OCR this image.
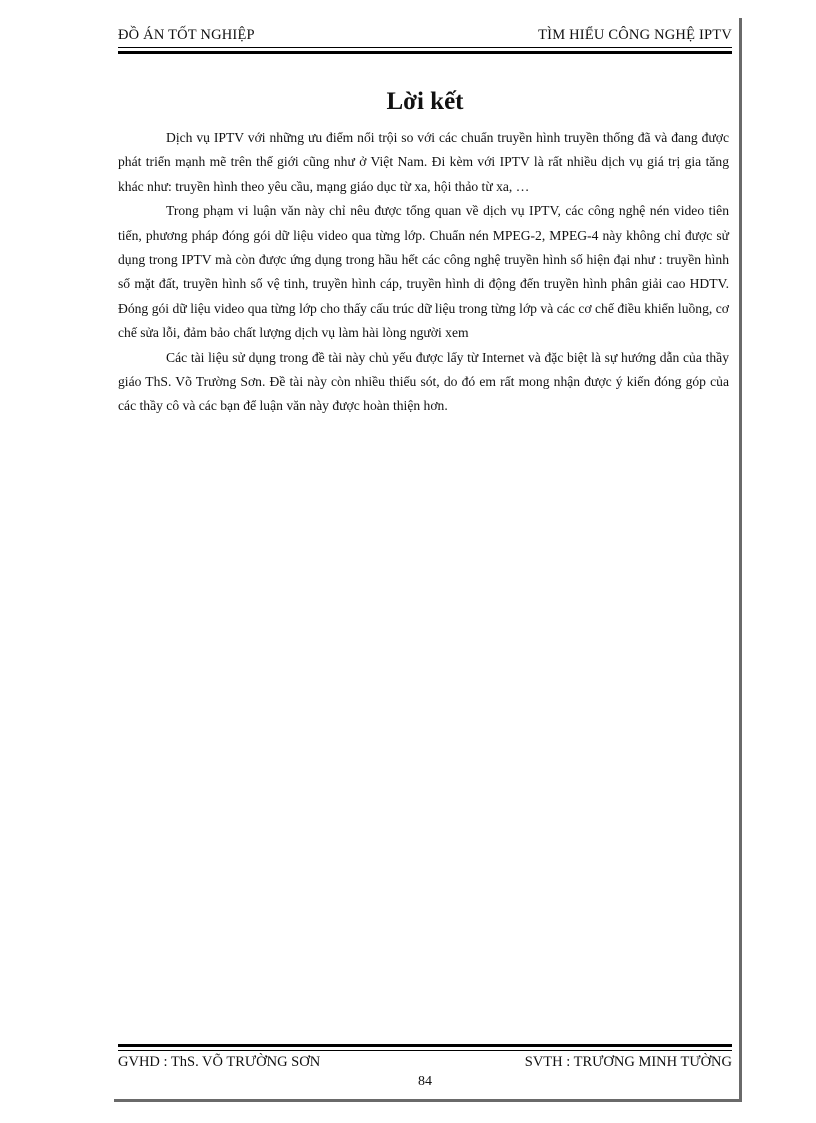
ĐỒ ÁN TỐT NGHIỆP	TÌM HIỂU CÔNG NGHỆ IPTV
Lời kết

Dịch vụ IPTV với những ưu điểm nổi trội so với các chuẩn truyền hình truyền thống đã và đang được phát triển mạnh mẽ trên thế giới cũng như ở Việt Nam. Đi kèm với IPTV là rất nhiều dịch vụ giá trị gia tăng khác như: truyền hình theo yêu cầu, mạng giáo dục từ xa, hội thảo từ xa, …

Trong phạm vi luận văn này chỉ nêu được tổng quan về dịch vụ IPTV, các công nghệ nén video tiên tiến, phương pháp đóng gói dữ liệu video qua từng lớp. Chuẩn nén MPEG-2, MPEG-4 này không chỉ được sử dụng trong IPTV mà còn được ứng dụng trong hầu hết các công nghệ truyền hình số hiện đại như : truyền hình số mặt đất, truyền hình số vệ tinh, truyền hình cáp, truyền hình di động đến truyền hình phân giải cao HDTV. Đóng gói dữ liệu video qua từng lớp cho thấy cấu trúc dữ liệu trong từng lớp và các cơ chế điều khiển luồng, cơ chế sửa lỗi, đảm bảo chất lượng dịch vụ làm hài lòng người xem

Các tài liệu sử dụng trong đề tài này chủ yếu được lấy từ Internet và đặc biệt là sự hướng dẫn của thầy giáo ThS. Võ Trường Sơn. Đề tài này còn nhiều thiếu sót, do đó em rất mong nhận được ý kiến đóng góp của các thầy cô và các bạn để luận văn này được hoàn thiện hơn.

GVHD : ThS. VÕ TRƯỜNG SƠN	SVTH : TRƯƠNG MINH TƯỜNG
84
